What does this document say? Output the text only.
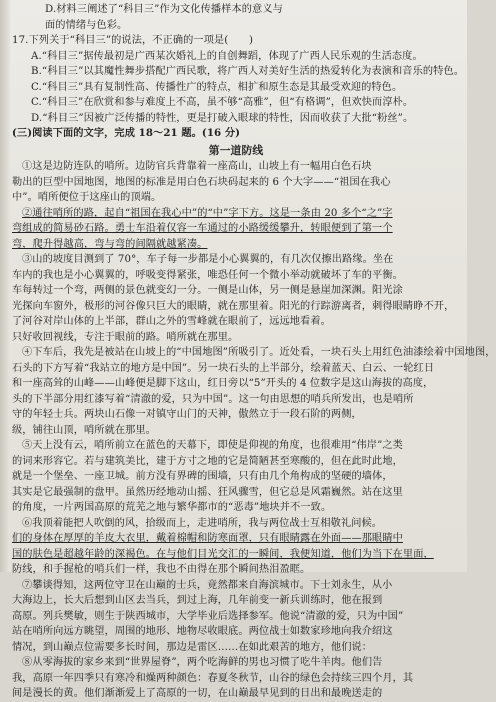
D.材料三阐述了“科目三”作为文化传播样本的意义与
面的情绪与色彩。
17.下列关于“科目三”的说法，不正确的一项是(　　)
A.“科目三”据传最初是广西某次婚礼上的自创舞蹈，体现了广西人民乐观的生活态度。
B.“科目三”以其魔性舞步搭配广西民歌，将广西人对美好生活的热爱转化为表演和音乐的特色。
C.“科目三”具有复制性高、传播性广的特点，相扩和原生态是其最受欢迎的特色。
C.“科目三”在欣赏和参与难度上不高，虽不够“高雅”，但“有格调”，但欢快而淳朴。
D.“科目三”因被广泛传播的特性，更是打破入眼球的特性，因而收获了大批“粉丝”。
(三)阅读下面的文字，完成 18～21 题。(16 分)
第一道防线
①这是边防连队的哨所。边防官兵背靠着一座高山，山坡上有一幅用白色石块
勒出的巨型中国地图，地图的标准是用白色石块码起来的 6 个大字——“祖国在我心
中”。哨所便位于这座山的顶端。
②通往哨所的路，起自“祖国在我心中”的“中”字下方。这是一条由 20 多个“之”字
弯组成的简易砂石路。勇士车沿着仅容一车通过的小路缓缓攀升，转眼便到了第一个
弯，爬升得越高，弯与弯的间隔就越紧凑。
③山的坡度目测到了 70°，车子每一步都是小心翼翼的，有几次仅擦出路缘。坐在
车内的我也是小心翼翼的，呼吸变得紧张，唯恐任何一个微小举动就破坏了车的平衡。
车每转过一个弯，两侧的景色就变幻一分。一侧是山体，另一侧是悬崖加深渊。阳光涂
光探向车窗外，极形的河谷像只巨大的眼睛，就在那里着。阳光的行踪游离者，刺得眼睛睁不开，
了河谷对岸山体的上半部，群山之外的雪峰就在眼前了，远远地看着。
只好收回视线，专注于眼前的路。哨所就在那里。
④下车后，我先是被站在山坡上的“中国地图”所吸引了。近处看，一块石头上用红色油漆绘着中国地图，
石头的下方写着“我站立的地方是中国”。另一块石头的上半部分，绘着蓝天、白云、一轮红日
和一座高耸的山峰——山峰便是脚下这山，红日旁以“5”开头的 4 位数字是这山海拔的高度，
头的下半部分用红漆写着“清澈的爱，只为中国”。这一句由思想的哨兵所发出，也是哨所
守的年轻士兵。两块山石像一对镇守山门的天神，傲然立于一段石阶的两侧，
级，铺往山顶，哨所就在那里。
⑤天上没有云，哨所前立在蓝色的天幕下，即使是仰视的角度，也很难用“伟岸”之类
的词来形容它。若与建筑美比，建于方寸之地的它是简陋甚至寒酸的，但在此时此地，
就是一个堡垒、一座卫城。前方没有界碑的围墙，只有由几个角构成的坚硬的墙体，
其实是它最强制的盘甲。虽然历经地动山摇、狂风骤雪，但它总是风霜巍然。站在这里
的角度，一片两国高原的荒芜之地与繁华都市的“恶毒”地块并不一致。
⑥我顶着能把人吹倒的风，拾级而上，走进哨所，我与两位战士互相敬礼问候。
们的身体在厚厚的羊皮大衣里，戴着棉帽和防寒面罩，只有眼睛露在外面——那眼睛中
国的肤色是超越年龄的深褐色。在与他们目光交汇的一瞬间，我便知道，他们为当下在里面，
防线，和手握枪的哨兵们一样，我也不由得在那个瞬间热泪盈眶。
⑦攀谈得知，这两位守卫在山巅的士兵，竟然都来自海滨城市。下士刘永生，从小
大海边上，长大后想到山区去当兵，到过上海，几年前变一新兵训练时，他在报到
高原。列兵樊敏，则生于陕西城市，大学毕业后选择参军。他说“清澈的爱，只为中国”
站在哨所向远方眺望，周围的地形、地物尽收眼底。两位战士如数家珍地向我介绍这
情况，到山巅点位需要多长时间，那边是雷区……在如此艰苦的地方，他们说：
⑧从零海拔的家乡来到“世界屋脊”，两个吃海鲜的男也习惯了吃牛羊肉。他们告
我，高原一年四季只有寒冷和燥两种颜色：春夏冬秋节，山谷的绿色会持续三四个月，其
间是漫长的黄。他们渐渐爱上了高原的一切，在山巅最早见到的日出和最晚送走的
